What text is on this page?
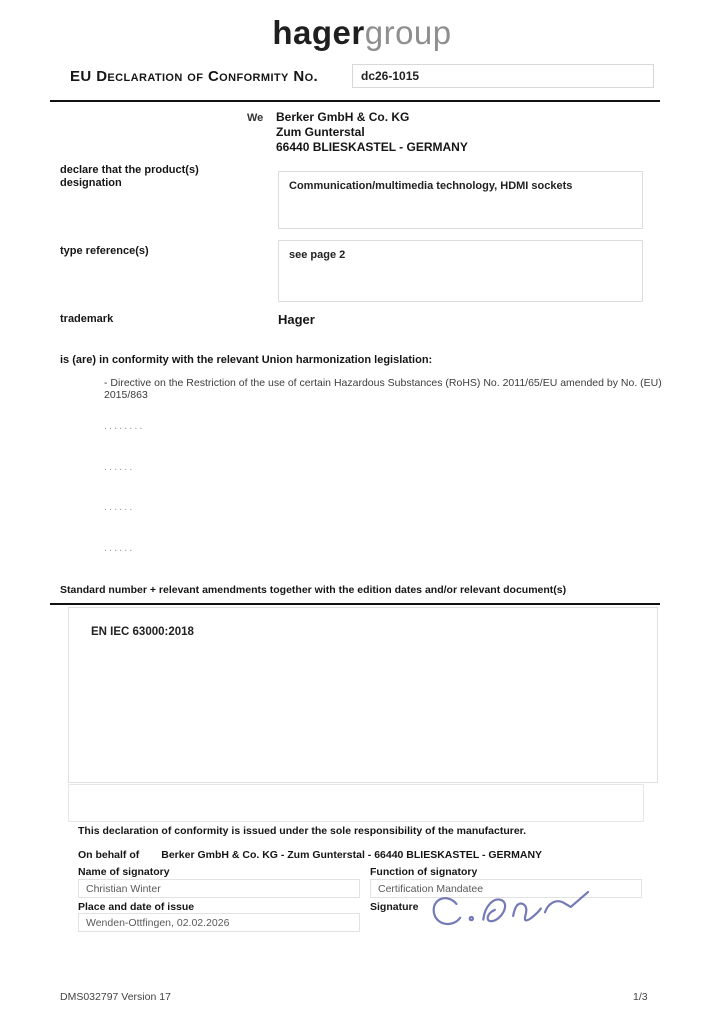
hagergroup
EU Declaration of Conformity No.	dc26-1015
We Berker GmbH & Co. KG
Zum Gunterstal
66440 BLIESKASTEL - GERMANY
declare that the product(s) designation	Communication/multimedia technology, HDMI sockets
type reference(s)	see page 2
trademark	Hager
is (are) in conformity with the relevant Union harmonization legislation:
- Directive on the Restriction of the use of certain Hazardous Substances (RoHS) No. 2011/65/EU amended by No. (EU) 2015/863
........
......
......
......
Standard number + relevant amendments together with the edition dates and/or relevant document(s)
EN IEC 63000:2018
This declaration of conformity is issued under the sole responsibility of the manufacturer.
On behalf of Berker GmbH & Co. KG - Zum Gunterstal - 66440 BLIESKASTEL - GERMANY
Name of signatory	Function of signatory
Christian Winter	Certification Mandatee
Place and date of issue	Signature
Wenden-Ottfingen, 02.02.2026
DMS032797 Version 17	1/3
